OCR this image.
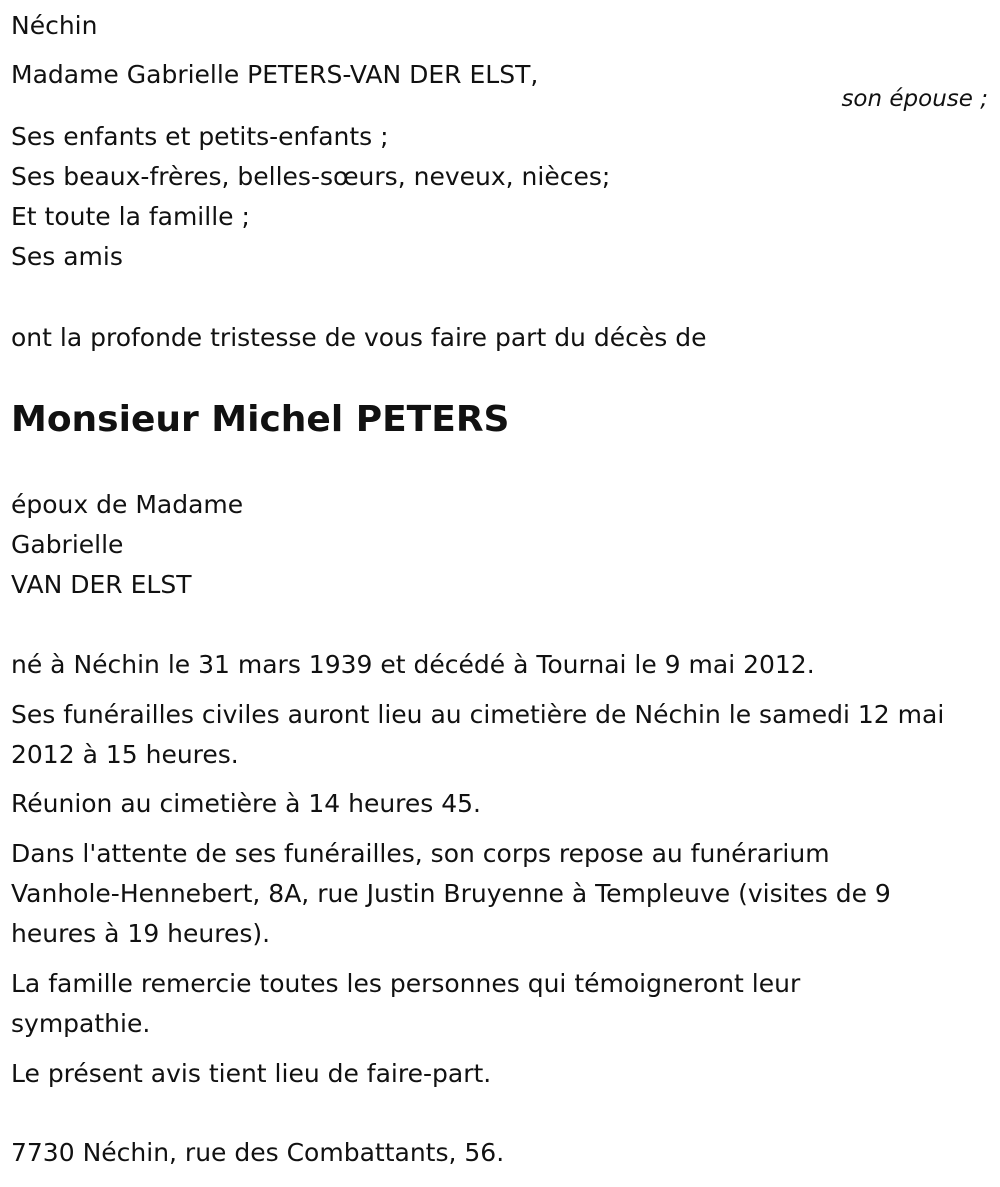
Néchin

Madame Gabrielle PETERS-VAN DER ELST,

son épouse ;

Ses enfants et petits-enfants ;

Ses beaux-frères, belles-sœurs, neveux, nièces;

Et toute la famille ;

Ses amis

ont la profonde tristesse de vous faire part du décès de

Monsieur Michel PETERS

époux de Madame

Gabrielle

VAN DER ELST

né à Néchin le 31 mars 1939 et décédé à Tournai le 9 mai 2012.

Ses funérailles civiles auront lieu au cimetière de Néchin le samedi 12 mai

2012 à 15 heures.

Réunion au cimetière à 14 heures 45.

Dans l'attente de ses funérailles, son corps repose au funérarium

Vanhole-Hennebert, 8A, rue Justin Bruyenne à Templeuve (visites de 9

heures à 19 heures).

La famille remercie toutes les personnes qui témoigneront leur

sympathie.

Le présent avis tient lieu de faire-part.

7730 Néchin, rue des Combattants, 56.
